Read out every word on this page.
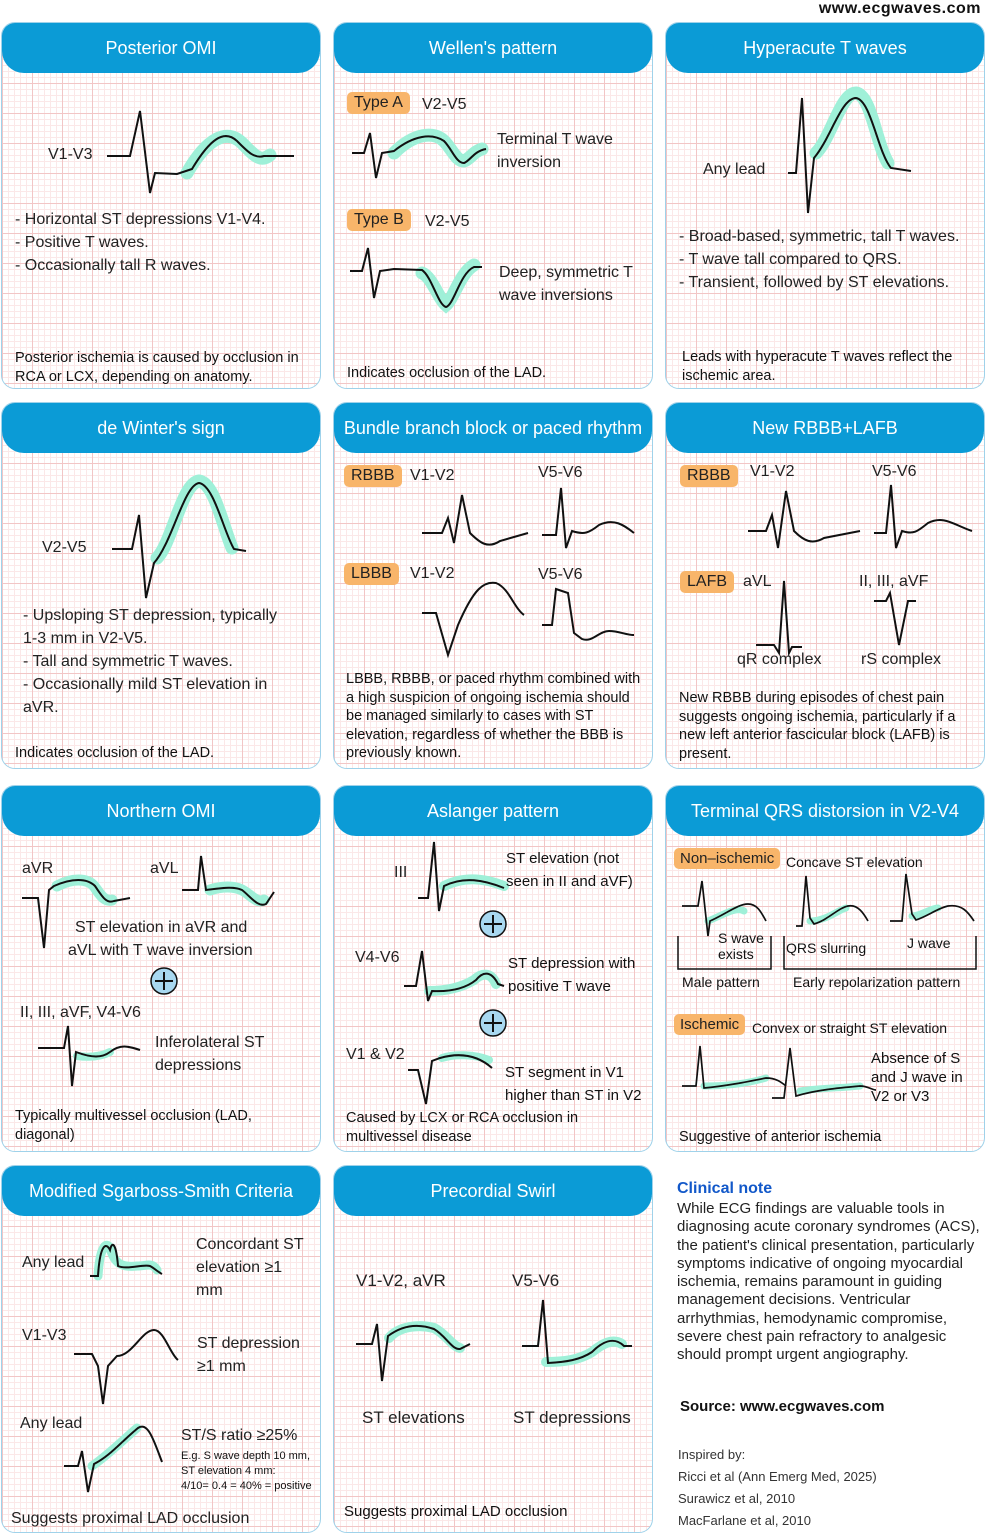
www.ecgwaves.com
Posterior OMI
V1-V3
- Horizontal ST depressions V1-V4.
- Positive T waves.
- Occasionally tall R waves.
Posterior ischemia is caused by occlusion in RCA or LCX, depending on anatomy.
Wellen's pattern
Type A	V2-V5
Terminal T wave
inversion
Type B	V2-V5
Deep, symmetric T
wave inversions
Indicates occlusion of the LAD.
Hyperacute T waves
Any lead
- Broad-based, symmetric, tall T waves.
- T wave tall compared to QRS.
- Transient, followed by ST elevations.
Leads with hyperacute T waves reflect the ischemic area.
de Winter's sign
V2-V5
- Upsloping ST depression, typically
1-3 mm in V2-V5.
- Tall and symmetric T waves.
- Occasionally mild ST elevation in
aVR.
Indicates occlusion of the LAD.
Bundle branch block or paced rhythm
RBBB V1-V2	V5-V6
LBBB	V1-V2	V5-V6
LBBB, RBBB, or paced rhythm combined with a high suspicion of ongoing ischemia should be managed similarly to cases with ST elevation, regardless of whether the BBB is previously known.
New RBBB+LAFB
RBBB	V1-V2	V5-V6
LAFB aVL	II, III, aVF
qR complex rS complex
New RBBB during episodes of chest pain suggests ongoing ischemia, particularly if a new left anterior fascicular block (LAFB) is present.
Northern OMI
aVR	aVL
ST elevation in aVR and
aVL with T wave inversion
II, III, aVF, V4-V6
Inferolateral ST
depressions
Typically multivessel occlusion (LAD, diagonal)
Aslanger pattern
III
ST elevation (not
seen in II and aVF)
V4-V6	ST depression with
positive T wave
V1 & V2
ST segment in V1
higher than ST in V2
Caused by LCX or RCA occlusion in multivessel disease
Terminal QRS distorsion in V2-V4
Non–ischemic Concave ST elevation
S wave
exists QRS slurring	J wave
Male pattern Early repolarization pattern
Ischemic Convex or straight ST elevation
Absence of S
and J wave in
V2 or V3
Suggestive of anterior ischemia
Modified Sgarboss-Smith Criteria
Any lead
Concordant ST
elevation ≥1
mm
V1-V3	ST depression
≥1 mm
Any lead
ST/S ratio ≥25%
E.g. S wave depth 10 mm,
ST elevation 4 mm:
4/10= 0.4 = 40% = positive
Suggests proximal LAD occlusion
Precordial Swirl
V1-V2, aVR	V5-V6
ST elevations	ST depressions
Suggests proximal LAD occlusion
Clinical note
While ECG findings are valuable tools in diagnosing acute coronary syndromes (ACS), the patient's clinical presentation, particularly symptoms indicative of ongoing myocardial ischemia, remains paramount in guiding management decisions. Ventricular arrhythmias, hemodynamic compromise, severe chest pain refractory to analgesic should prompt urgent angiography.
Source: www.ecgwaves.com
Inspired by:
Ricci et al (Ann Emerg Med, 2025)
Surawicz et al, 2010
MacFarlane et al, 2010
